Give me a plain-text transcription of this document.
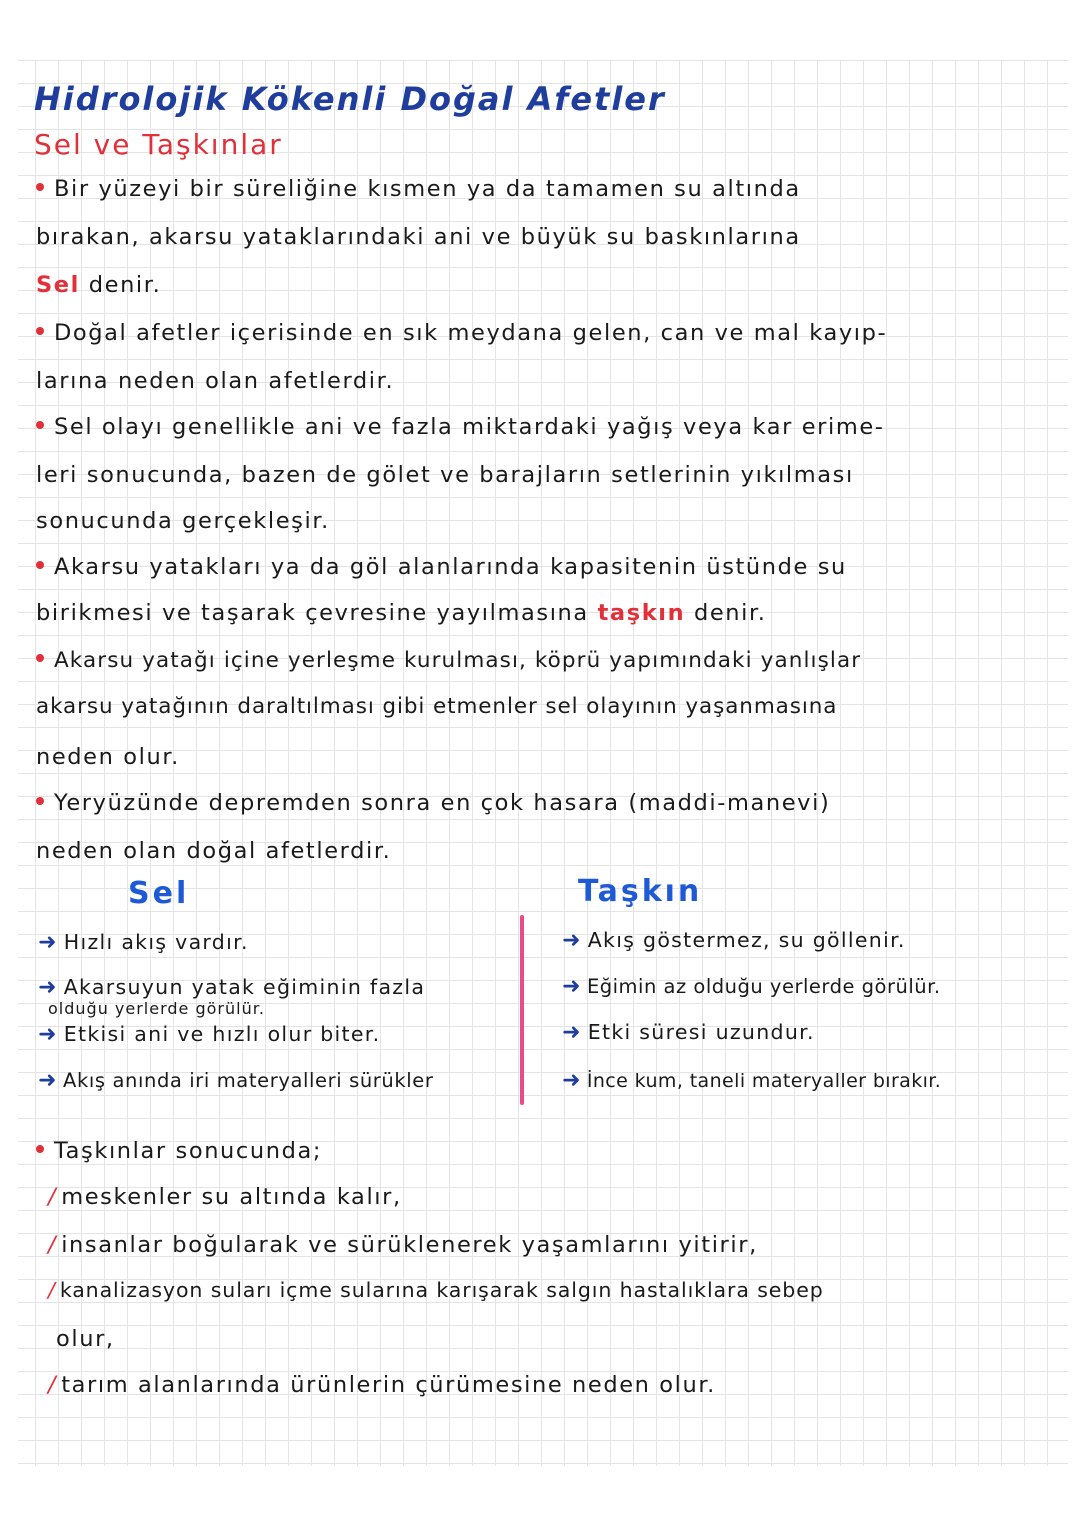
Hidrolojik Kökenli Doğal Afetler
Sel ve Taşkınlar
Bir yüzeyi bir süreliğine kısmen ya da tamamen su altında
bırakan, akarsu yataklarındaki ani ve büyük su baskınlarına
Sel denir.
Doğal afetler içerisinde en sık meydana gelen, can ve mal kayıp-
larına neden olan afetlerdir.
Sel olayı genellikle ani ve fazla miktardaki yağış veya kar erime-
leri sonucunda, bazen de gölet ve barajların setlerinin yıkılması
sonucunda gerçekleşir.
Akarsu yatakları ya da göl alanlarında kapasitenin üstünde su
birikmesi ve taşarak çevresine yayılmasına taşkın denir.
Akarsu yatağı içine yerleşme kurulması, köprü yapımındaki yanlışlar
akarsu yatağının daraltılması gibi etmenler sel olayının yaşanmasına
neden olur.
Yeryüzünde depremden sonra en çok hasara (maddi-manevi)
neden olan doğal afetlerdir.
Sel	Taşkın
➜ Hızlı akış vardır.
➜ Akarsuyun yatak eğiminin fazla
olduğu yerlerde görülür.
➜ Etkisi ani ve hızlı olur biter.
➜ Akış anında iri materyalleri sürükler
➜ Akış göstermez, su göllenir.
➜ Eğimin az olduğu yerlerde görülür.
➜ Etki süresi uzundur.
➜ İnce kum, taneli materyaller bırakır.
Taşkınlar sonucunda;
/ meskenler su altında kalır,
/ insanlar boğularak ve sürüklenerek yaşamlarını yitirir,
/ kanalizasyon suları içme sularına karışarak salgın hastalıklara sebep
olur,
/ tarım alanlarında ürünlerin çürümesine neden olur.
